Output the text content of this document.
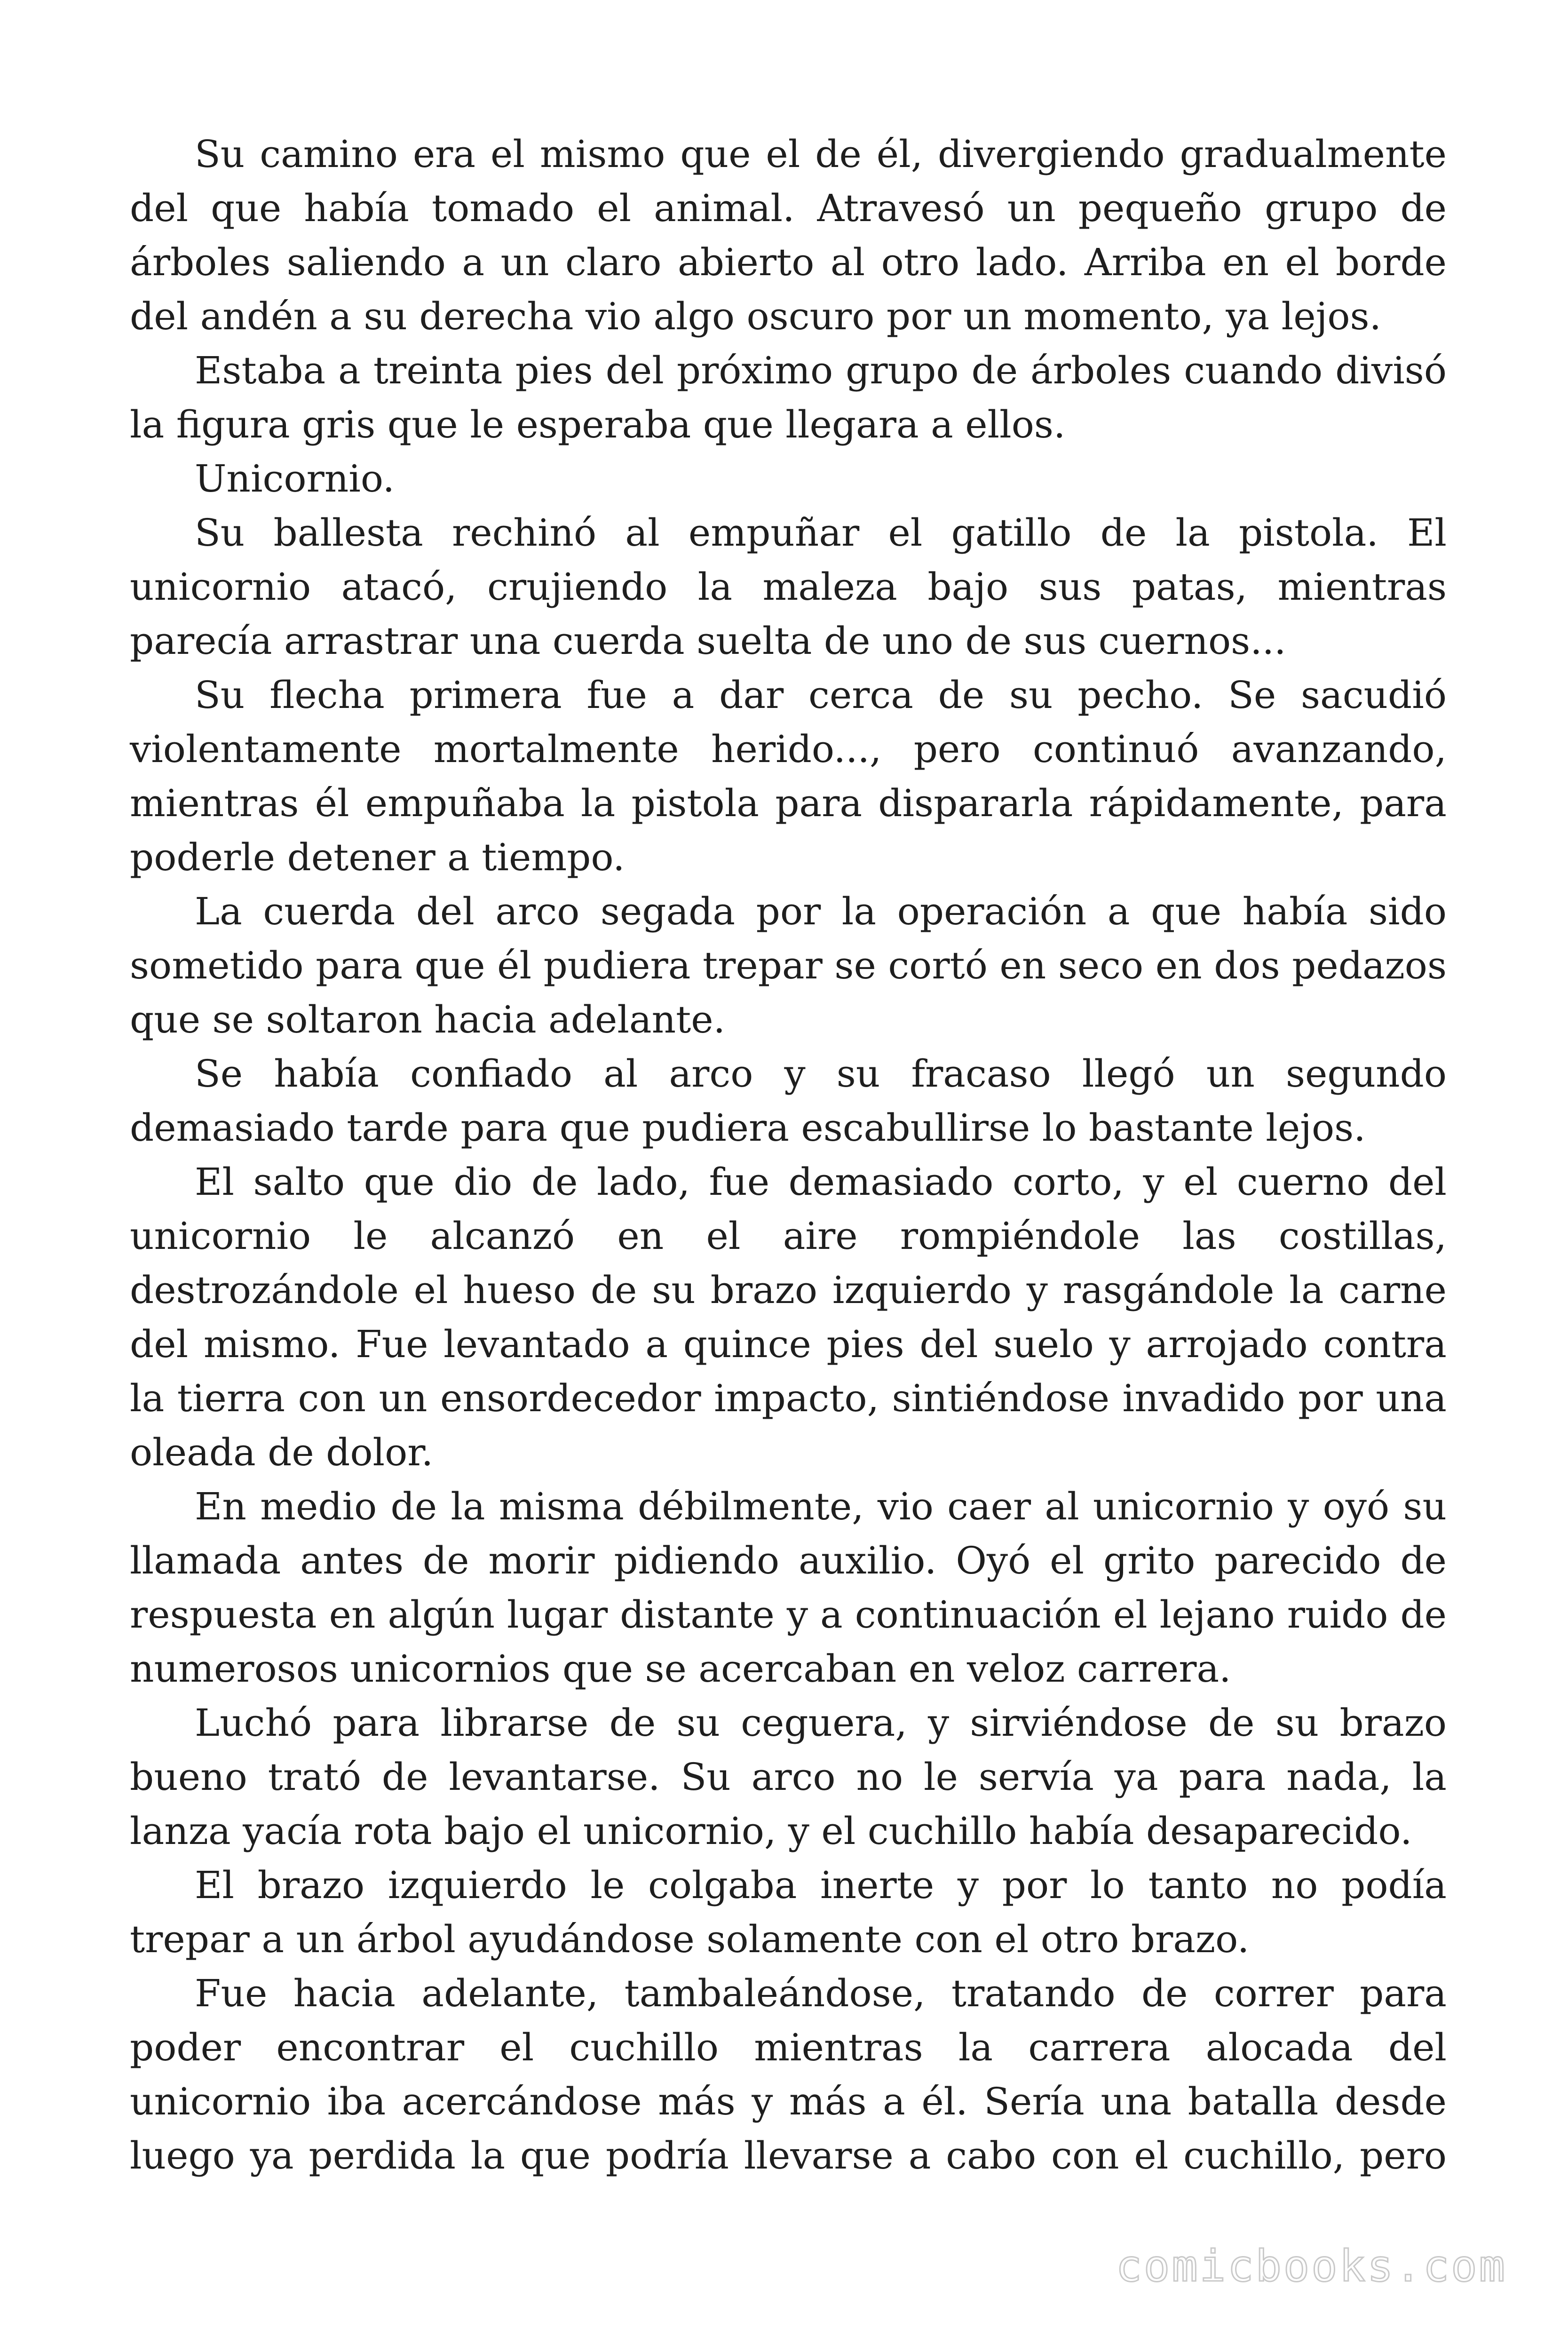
Su camino era el mismo que el de él, divergiendo gradualmente del que había tomado el animal. Atravesó un pequeño grupo de árboles saliendo a un claro abierto al otro lado. Arriba en el borde del andén a su derecha vio algo oscuro por un momento, ya lejos.

Estaba a treinta pies del próximo grupo de árboles cuando divisó la figura gris que le esperaba que llegara a ellos.

Unicornio.

Su ballesta rechinó al empuñar el gatillo de la pistola. El unicornio atacó, crujiendo la maleza bajo sus patas, mientras parecía arrastrar una cuerda suelta de uno de sus cuernos...

Su flecha primera fue a dar cerca de su pecho. Se sacudió violentamente mortalmente herido..., pero continuó avanzando, mientras él empuñaba la pistola para dispararla rápidamente, para poderle detener a tiempo.

La cuerda del arco segada por la operación a que había sido sometido para que él pudiera trepar se cortó en seco en dos pedazos que se soltaron hacia adelante.

Se había confiado al arco y su fracaso llegó un segundo demasiado tarde para que pudiera escabullirse lo bastante lejos.

El salto que dio de lado, fue demasiado corto, y el cuerno del unicornio le alcanzó en el aire rompiéndole las costillas, destrozándole el hueso de su brazo izquierdo y rasgándole la carne del mismo. Fue levantado a quince pies del suelo y arrojado contra la tierra con un ensordecedor impacto, sintiéndose invadido por una oleada de dolor.

En medio de la misma débilmente, vio caer al unicornio y oyó su llamada antes de morir pidiendo auxilio. Oyó el grito parecido de respuesta en algún lugar distante y a continuación el lejano ruido de numerosos unicornios que se acercaban en veloz carrera.

Luchó para librarse de su ceguera, y sirviéndose de su brazo bueno trató de levantarse. Su arco no le servía ya para nada, la lanza yacía rota bajo el unicornio, y el cuchillo había desaparecido.

El brazo izquierdo le colgaba inerte y por lo tanto no podía trepar a un árbol ayudándose solamente con el otro brazo.

Fue hacia adelante, tambaleándose, tratando de correr para poder encontrar el cuchillo mientras la carrera alocada del unicornio iba acercándose más y más a él. Sería una batalla desde luego ya perdida la que podría llevarse a cabo con el cuchillo, pero

comicbooks.com
